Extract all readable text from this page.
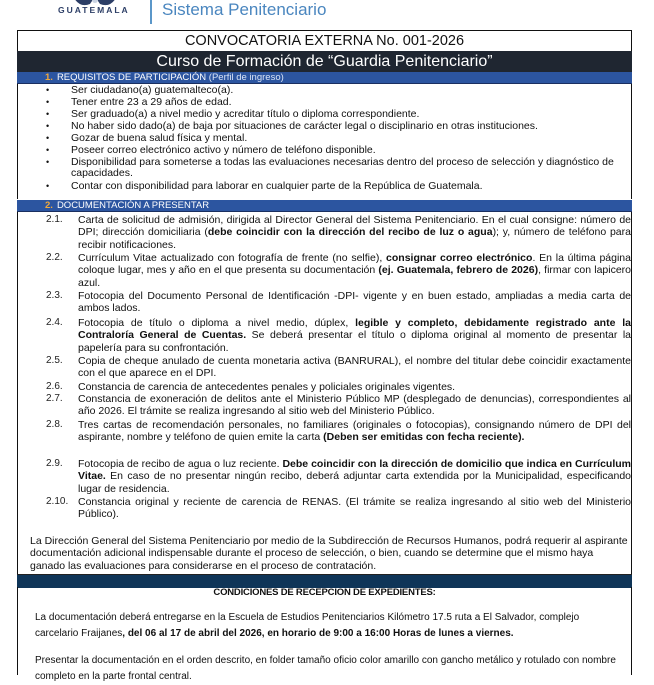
GUATEMALA Sistema Penitenciario
CONVOCATORIA EXTERNA No. 001-2026
Curso de Formación de “Guardia Penitenciario”
1. REQUISITOS DE PARTICIPACIÓN (Perfil de ingreso)
• Ser ciudadano(a) guatemalteco(a).
• Tener entre 23 a 29 años de edad.
• Ser graduado(a) a nivel medio y acreditar título o diploma correspondiente.
• No haber sido dado(a) de baja por situaciones de carácter legal o disciplinario en otras instituciones.
• Gozar de buena salud física y mental.
• Poseer correo electrónico activo y número de teléfono disponible.
• Disponibilidad para someterse a todas las evaluaciones necesarias dentro del proceso de selección y diagnóstico de capacidades.
• Contar con disponibilidad para laborar en cualquier parte de la República de Guatemala.
2. DOCUMENTACIÓN A PRESENTAR
2.1. Carta de solicitud de admisión, dirigida al Director General del Sistema Penitenciario. En el cual consigne: número de DPI; dirección domiciliaria (debe coincidir con la dirección del recibo de luz o agua); y, número de teléfono para recibir notificaciones.
2.2. Currículum Vitae actualizado con fotografía de frente (no selfie), consignar correo electrónico. En la última página coloque lugar, mes y año en el que presenta su documentación (ej. Guatemala, febrero de 2026), firmar con lapicero azul.
2.3. Fotocopia del Documento Personal de Identificación -DPI- vigente y en buen estado, ampliadas a media carta de ambos lados.
2.4. Fotocopia de título o diploma a nivel medio, dúplex, legible y completo, debidamente registrado ante la Contraloría General de Cuentas. Se deberá presentar el título o diploma original al momento de presentar la papelería para su confrontación.
2.5. Copia de cheque anulado de cuenta monetaria activa (BANRURAL), el nombre del titular debe coincidir exactamente con el que aparece en el DPI.
2.6. Constancia de carencia de antecedentes penales y policiales originales vigentes.
2.7. Constancia de exoneración de delitos ante el Ministerio Público MP (desplegado de denuncias), correspondientes al año 2026. El trámite se realiza ingresando al sitio web del Ministerio Público.
2.8. Tres cartas de recomendación personales, no familiares (originales o fotocopias), consignando número de DPI del aspirante, nombre y teléfono de quien emite la carta (Deben ser emitidas con fecha reciente).
2.9. Fotocopia de recibo de agua o luz reciente. Debe coincidir con la dirección de domicilio que indica en Currículum Vitae. En caso de no presentar ningún recibo, deberá adjuntar carta extendida por la Municipalidad, especificando lugar de residencia.
2.10. Constancia original y reciente de carencia de RENAS. (El trámite se realiza ingresando al sitio web del Ministerio Público).
La Dirección General del Sistema Penitenciario por medio de la Subdirección de Recursos Humanos, podrá requerir al aspirante documentación adicional indispensable durante el proceso de selección, o bien, cuando se determine que el mismo haya ganado las evaluaciones para considerarse en el proceso de contratación.
CONDICIONES DE RECEPCION DE EXPEDIENTES:
La documentación deberá entregarse en la Escuela de Estudios Penitenciarios Kilómetro 17.5 ruta a El Salvador, complejo carcelario Fraijanes, del 06 al 17 de abril del 2026, en horario de 9:00 a 16:00 Horas de lunes a viernes.
Presentar la documentación en el orden descrito, en folder tamaño oficio color amarillo con gancho metálico y rotulado con nombre completo en la parte frontal central.
